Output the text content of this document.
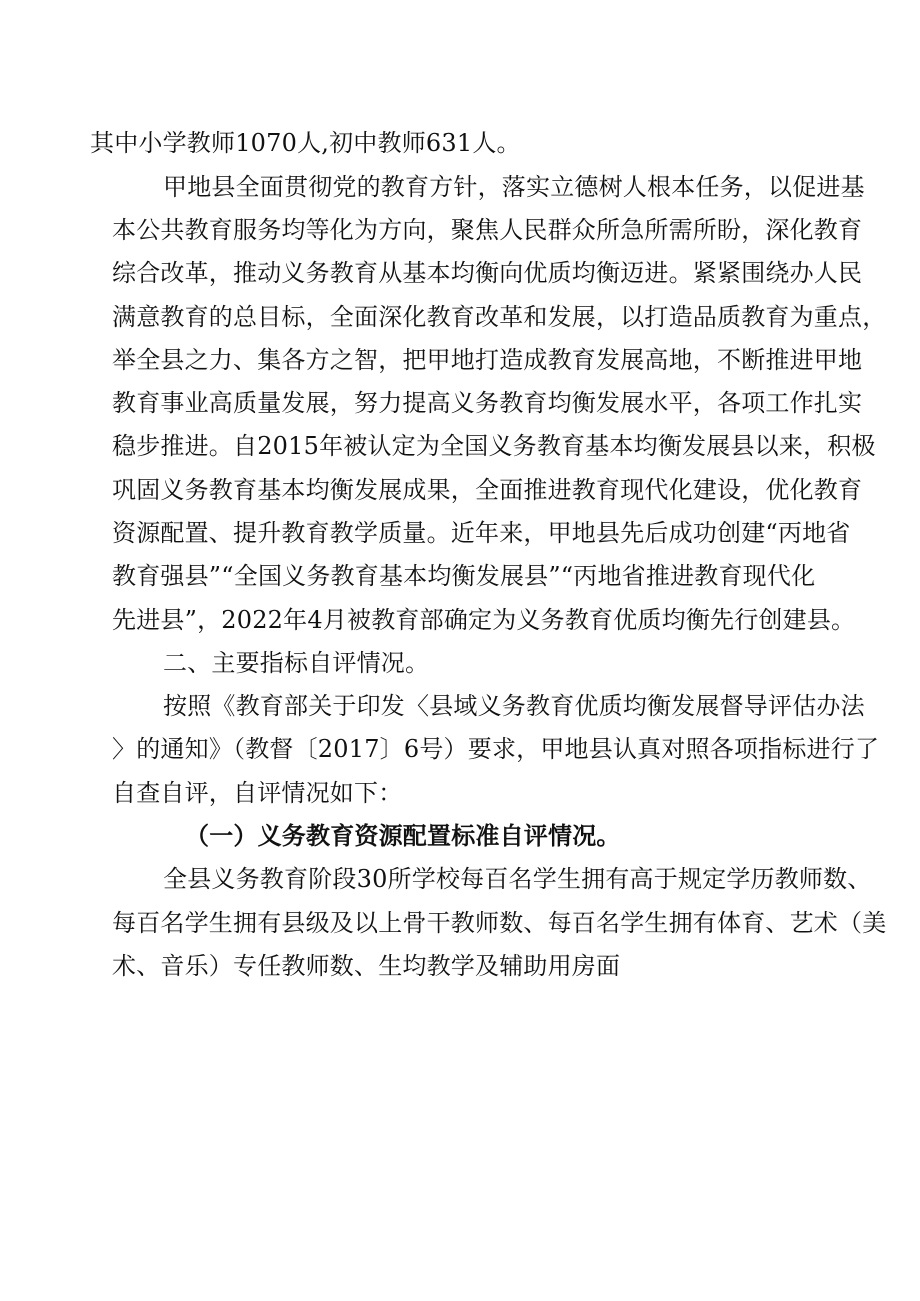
其中小学教师1070人,初中教师631人。
甲地县全面贯彻党的教育方针，落实立德树人根本任务，以促进基
本公共教育服务均等化为方向，聚焦人民群众所急所需所盼，深化教育
综合改革，推动义务教育从基本均衡向优质均衡迈进。紧紧围绕办人民
满意教育的总目标，全面深化教育改革和发展，以打造品质教育为重点，
举全县之力、集各方之智，把甲地打造成教育发展高地，不断推进甲地
教育事业高质量发展，努力提高义务教育均衡发展水平，各项工作扎实
稳步推进。自2015年被认定为全国义务教育基本均衡发展县以来，积极
巩固义务教育基本均衡发展成果，全面推进教育现代化建设，优化教育
资源配置、提升教育教学质量。近年来，甲地县先后成功创建“丙地省
教育强县”“全国义务教育基本均衡发展县”“丙地省推进教育现代化
先进县”，2022年4月被教育部确定为义务教育优质均衡先行创建县。
二、主要指标自评情况。
按照《教育部关于印发〈县域义务教育优质均衡发展督导评估办法
〉的通知》（教督〔2017〕6号）要求，甲地县认真对照各项指标进行了
自查自评，自评情况如下：
（一）义务教育资源配置标准自评情况。
全县义务教育阶段30所学校每百名学生拥有高于规定学历教师数、
每百名学生拥有县级及以上骨干教师数、每百名学生拥有体育、艺术（美
术、音乐）专任教师数、生均教学及辅助用房面
